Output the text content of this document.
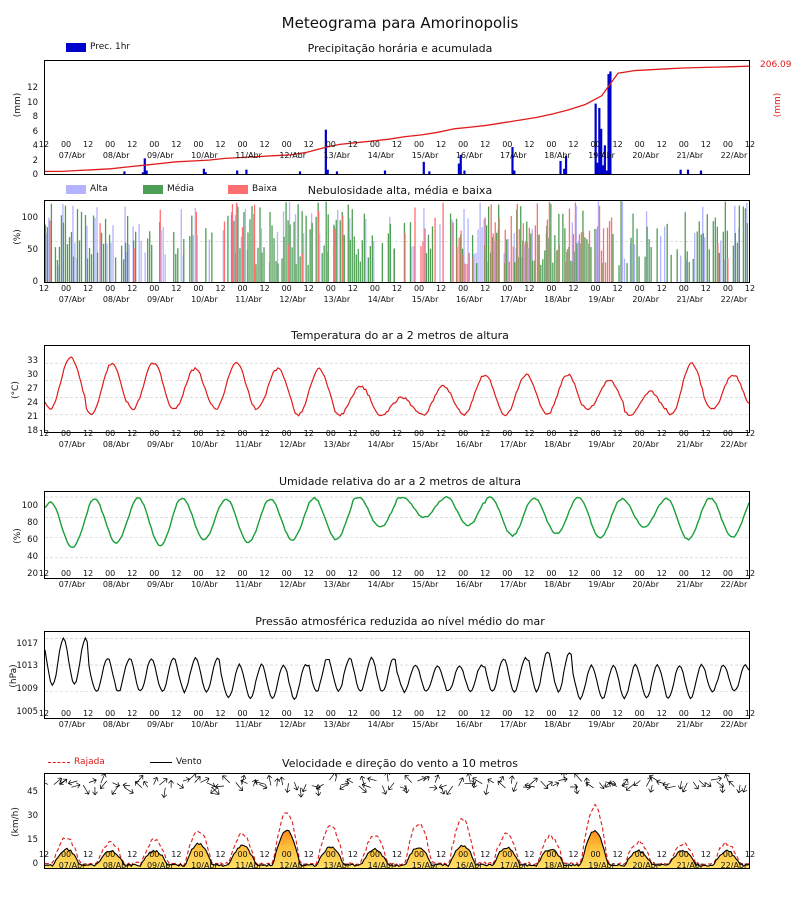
Meteograma para Amorinopolis
Precipitação horária e acumulada
Prec. 1hr
(mm)	(mm)
206.09
0
2
4
6
8
10
12
Nebulosidade alta, média e baixa
Alta	Média	Baixa
(%)
0
50
100
Temperatura do ar a 2 metros de altura
(°C)
18
21
24
27
30
33
Umidade relativa do ar a 2 metros de altura
(%)
20
40
60
80
100
Pressão atmosférica reduzida ao nível médio do mar
(hPa)
1005
1009
1013
1017
Velocidade e direção do vento a 10 metros
Rajada	Vento
(km/h)
0
15
30
45
12	00	12	00	12	00	12	00	12	00	12	00	12	00	12	00	12	00	12	00	12	00	12	00	12	00	12	00	12	00	12	00	12
07/Abr	08/Abr	09/Abr	10/Abr	11/Abr	12/Abr	13/Abr	14/Abr	15/Abr	16/Abr	17/Abr	18/Abr	19/Abr	20/Abr	21/Abr	22/Abr
12	00	12	00	12	00	12	00	12	00	12	00	12	00	12	00	12	00	12	00	12	00	12	00	12	00	12	00	12	00	12	00	12
07/Abr	08/Abr	09/Abr	10/Abr	11/Abr	12/Abr	13/Abr	14/Abr	15/Abr	16/Abr	17/Abr	18/Abr	19/Abr	20/Abr	21/Abr	22/Abr
12	00	12	00	12	00	12	00	12	00	12	00	12	00	12	00	12	00	12	00	12	00	12	00	12	00	12	00	12	00	12	00	12
07/Abr	08/Abr	09/Abr	10/Abr	11/Abr	12/Abr	13/Abr	14/Abr	15/Abr	16/Abr	17/Abr	18/Abr	19/Abr	20/Abr	21/Abr	22/Abr
12	00	12	00	12	00	12	00	12	00	12	00	12	00	12	00	12	00	12	00	12	00	12	00	12	00	12	00	12	00	12	00	12
07/Abr	08/Abr	09/Abr	10/Abr	11/Abr	12/Abr	13/Abr	14/Abr	15/Abr	16/Abr	17/Abr	18/Abr	19/Abr	20/Abr	21/Abr	22/Abr
12	00	12	00	12	00	12	00	12	00	12	00	12	00	12	00	12	00	12	00	12	00	12	00	12	00	12	00	12	00	12	00	12
07/Abr	08/Abr	09/Abr	10/Abr	11/Abr	12/Abr	13/Abr	14/Abr	15/Abr	16/Abr	17/Abr	18/Abr	19/Abr	20/Abr	21/Abr	22/Abr
12	00	12	00	12	00	12	00	12	00	12	00	12	00	12	00	12	00	12	00	12	00	12	00	12	00	12	00	12	00	12	00	12
07/Abr	08/Abr	09/Abr	10/Abr	11/Abr	12/Abr	13/Abr	14/Abr	15/Abr	16/Abr	17/Abr	18/Abr	19/Abr	20/Abr	21/Abr	22/Abr
